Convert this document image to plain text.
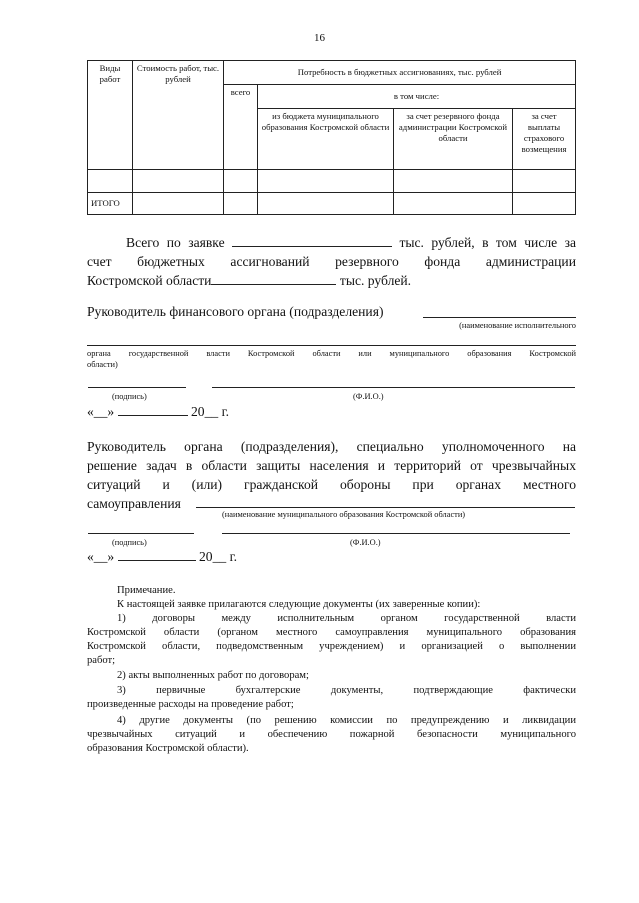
16
Виды работ	Стоимость работ, тыс. рублей	Потребность в бюджетных ассигнованиях, тыс. рублей			
		всего	в том числе:		
			из бюджета муниципального образования Костромской области	за счет резервного фонда администрации Костромской области	за счет выплаты страхового возмещения

ИТОГО					
Всего по заявке	тыс. рублей, в том числе за
счет бюджетных ассигнований резервного фонда администрации
Костромской области	тыс. рублей.
Руководитель финансового органа (подразделения)
(наименование исполнительного
органа государственной власти Костромской области или муниципального образования Костромской
области)
(подпись)	(Ф.И.О.)
«__»	20__ г.
Руководитель органа (подразделения), специально уполномоченного на
решение задач в области защиты населения и территорий от чрезвычайных
ситуаций и (или) гражданской обороны при органах местного
самоуправления
(наименование муниципального образования Костромской области)
(подпись)	(Ф.И.О.)
«__»	20__ г.
Примечание.
К настоящей заявке прилагаются следующие документы (их заверенные копии):
1) договоры между исполнительным органом государственной власти
Костромской области (органом местного самоуправления муниципального образования
Костромской области, подведомственным учреждением) и организацией о выполнении
работ;
2) акты выполненных работ по договорам;
3) первичные бухгалтерские документы, подтверждающие фактически
произведенные расходы на проведение работ;
4) другие документы (по решению комиссии по предупреждению и ликвидации
чрезвычайных ситуаций и обеспечению пожарной безопасности муниципального
образования Костромской области).
